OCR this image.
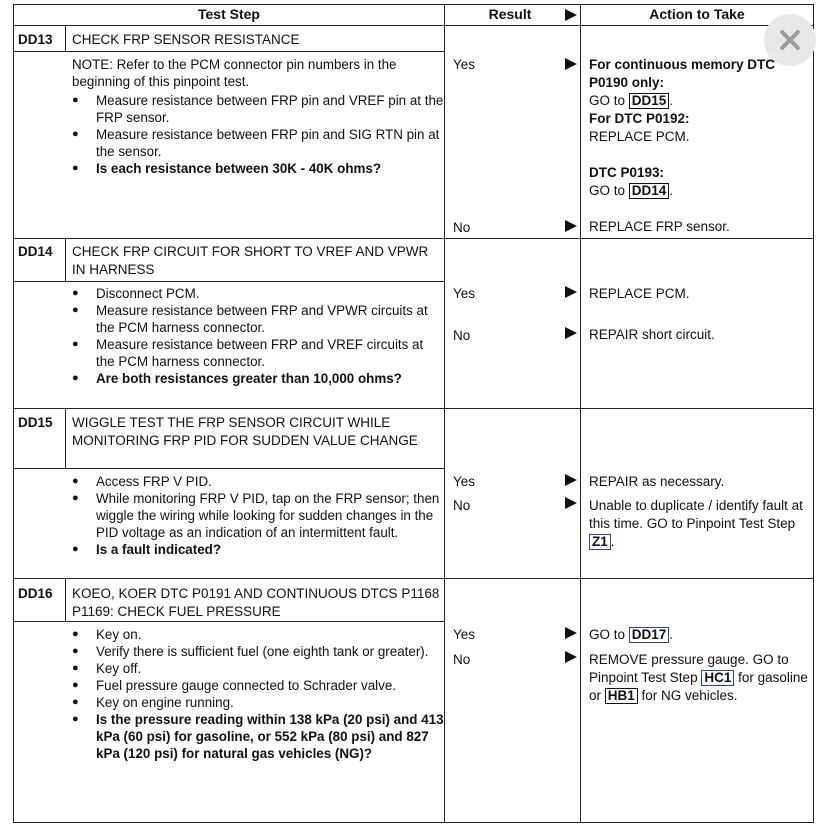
Test Step	Result	Action to Take
DD13 CHECK FRP SENSOR RESISTANCE
NOTE: Refer to the PCM connector pin numbers in the beginning of this pinpoint test.
● Measure resistance between FRP pin and VREF pin at the FRP sensor.
● Measure resistance between FRP pin and SIG RTN pin at the sensor.
● Is each resistance between 30K - 40K ohms?
Yes	For continuous memory DTC P0190 only:
GO to DD15 .
For DTC P0192:
REPLACE PCM.
DTC P0193:
GO to DD14 .
No	REPLACE FRP sensor.
DD14 CHECK FRP CIRCUIT FOR SHORT TO VREF AND VPWR IN HARNESS
● Disconnect PCM.
● Measure resistance between FRP and VPWR circuits at the PCM harness connector.
● Measure resistance between FRP and VREF circuits at the PCM harness connector.
● Are both resistances greater than 10,000 ohms?
Yes	REPLACE PCM.
No	REPAIR short circuit.
DD15 WIGGLE TEST THE FRP SENSOR CIRCUIT WHILE MONITORING FRP PID FOR SUDDEN VALUE CHANGE
● Access FRP V PID.
● While monitoring FRP V PID, tap on the FRP sensor; then wiggle the wiring while looking for sudden changes in the PID voltage as an indication of an intermittent fault.
● Is a fault indicated?
Yes	REPAIR as necessary.
No	Unable to duplicate / identify fault at this time. GO to Pinpoint Test Step Z1 .
DD16 KOEO, KOER DTC P0191 AND CONTINUOUS DTCS P1168 P1169: CHECK FUEL PRESSURE
● Key on.
● Verify there is sufficient fuel (one eighth tank or greater).
● Key off.
● Fuel pressure gauge connected to Schrader valve.
● Key on engine running.
● Is the pressure reading within 138 kPa (20 psi) and 413 kPa (60 psi) for gasoline, or 552 kPa (80 psi) and 827 kPa (120 psi) for natural gas vehicles (NG)?
Yes	GO to DD17 .
No	REMOVE pressure gauge. GO to Pinpoint Test Step HC1 for gasoline or HB1 for NG vehicles.
